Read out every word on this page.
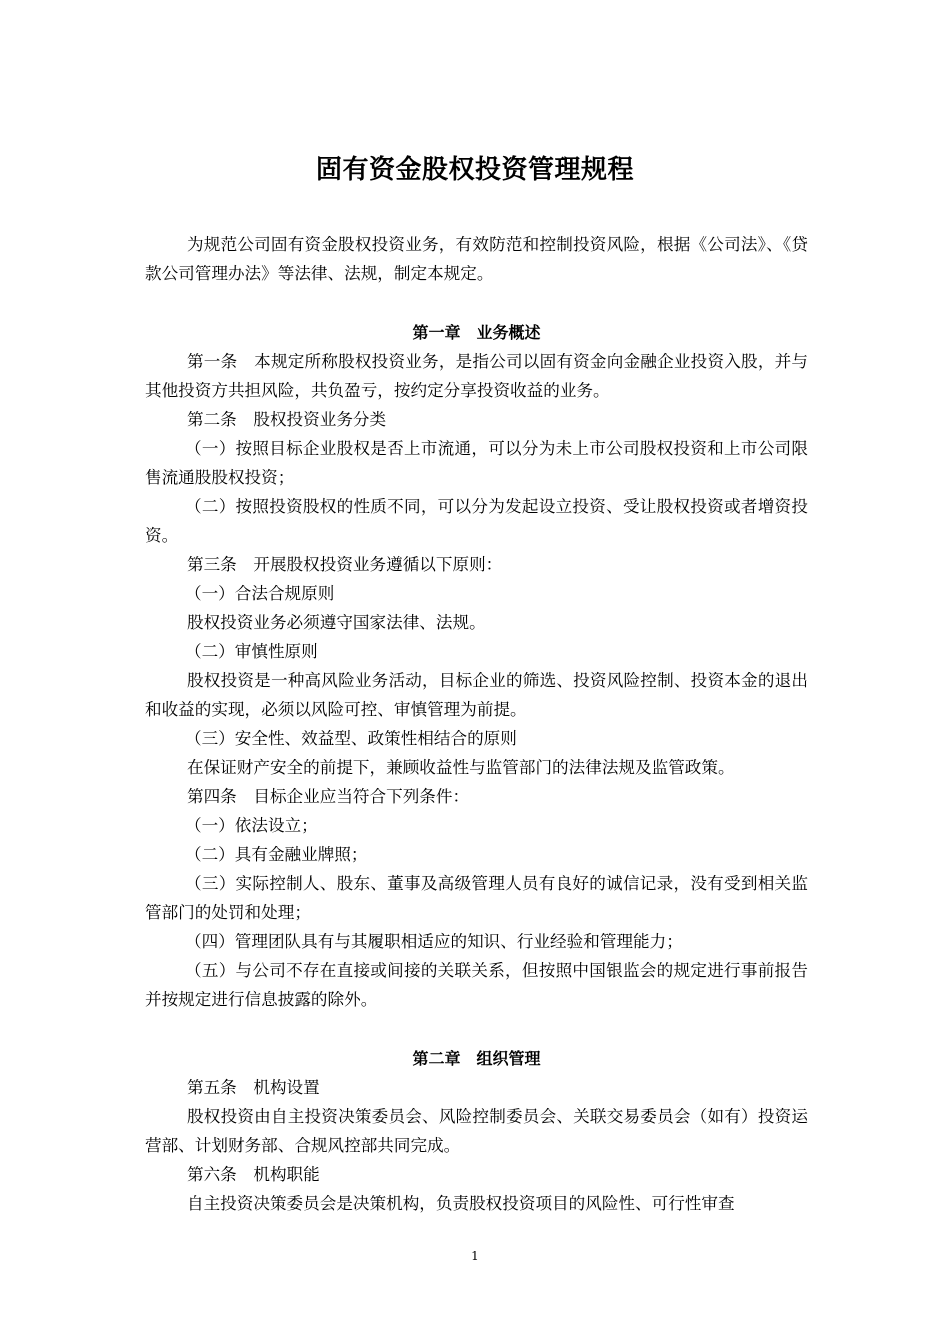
固有资金股权投资管理规程

为规范公司固有资金股权投资业务，有效防范和控制投资风险，根据《公司法》、《贷款公司管理办法》等法律、法规，制定本规定。

第一章　业务概述

第一条　本规定所称股权投资业务，是指公司以固有资金向金融企业投资入股，并与其他投资方共担风险，共负盈亏，按约定分享投资收益的业务。

第二条　股权投资业务分类

（一）按照目标企业股权是否上市流通，可以分为未上市公司股权投资和上市公司限售流通股股权投资；

（二）按照投资股权的性质不同，可以分为发起设立投资、受让股权投资或者增资投资。

第三条　开展股权投资业务遵循以下原则：

（一）合法合规原则

股权投资业务必须遵守国家法律、法规。

（二）审慎性原则

股权投资是一种高风险业务活动，目标企业的筛选、投资风险控制、投资本金的退出和收益的实现，必须以风险可控、审慎管理为前提。

（三）安全性、效益型、政策性相结合的原则

在保证财产安全的前提下，兼顾收益性与监管部门的法律法规及监管政策。

第四条　目标企业应当符合下列条件：

（一）依法设立；

（二）具有金融业牌照；

（三）实际控制人、股东、董事及高级管理人员有良好的诚信记录，没有受到相关监管部门的处罚和处理；

（四）管理团队具有与其履职相适应的知识、行业经验和管理能力；

（五）与公司不存在直接或间接的关联关系，但按照中国银监会的规定进行事前报告并按规定进行信息披露的除外。

第二章　组织管理

第五条　机构设置

股权投资由自主投资决策委员会、风险控制委员会、关联交易委员会（如有）投资运营部、计划财务部、合规风控部共同完成。

第六条　机构职能

自主投资决策委员会是决策机构，负责股权投资项目的风险性、可行性审查

1
